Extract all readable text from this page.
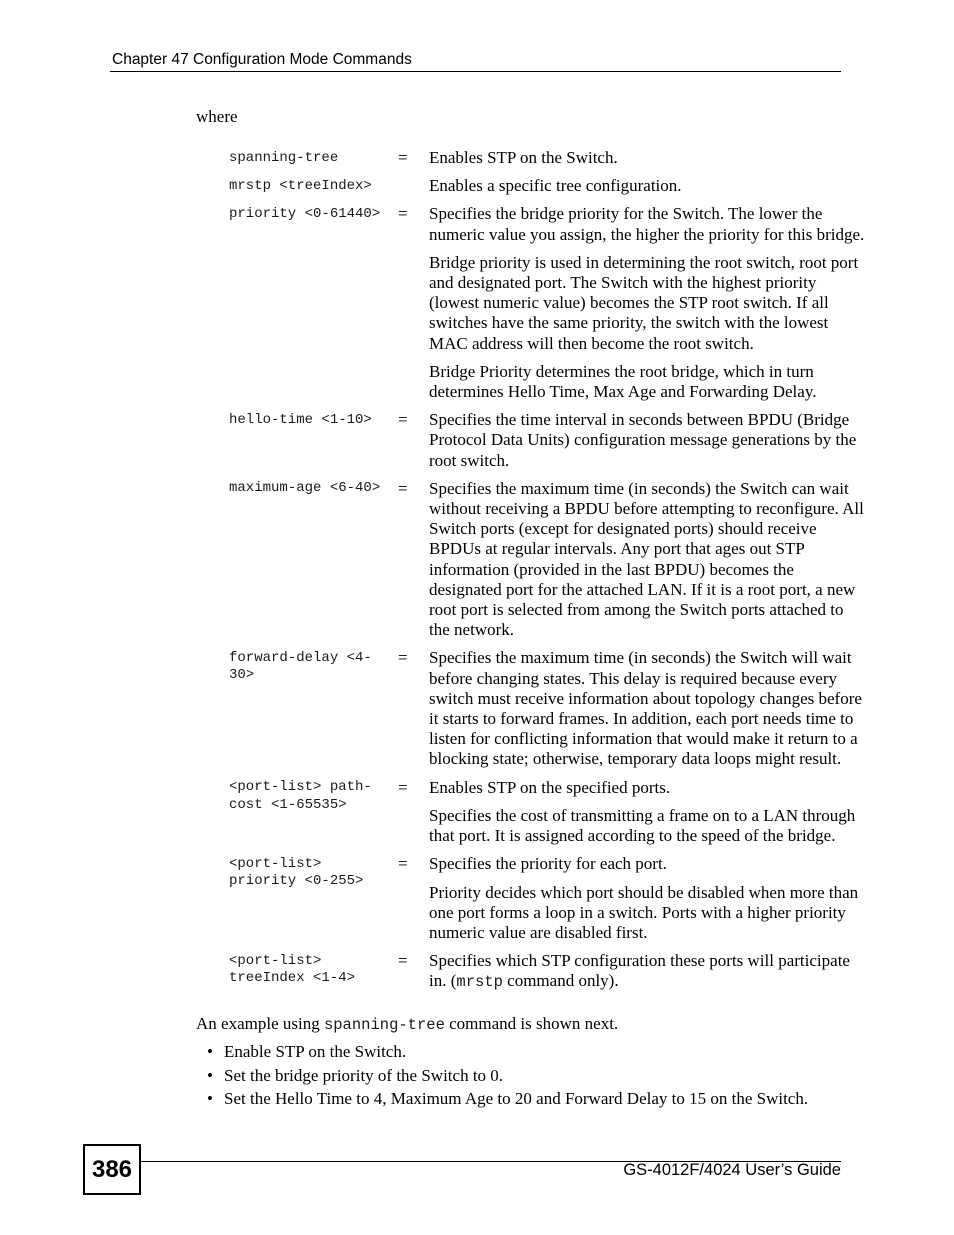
Chapter 47 Configuration Mode Commands
where
spanning-tree	=	Enables STP on the Switch.
mrstp <treeIndex>	Enables a specific tree configuration.
priority <0-61440>	=	Specifies the bridge priority for the Switch. The lower the
numeric value you assign, the higher the priority for this bridge.
Bridge priority is used in determining the root switch, root port
and designated port. The Switch with the highest priority
(lowest numeric value) becomes the STP root switch. If all
switches have the same priority, the switch with the lowest
MAC address will then become the root switch.
Bridge Priority determines the root bridge, which in turn
determines Hello Time, Max Age and Forwarding Delay.
hello-time <1-10>	=	Specifies the time interval in seconds between BPDU (Bridge
Protocol Data Units) configuration message generations by the
root switch.
maximum-age <6-40>	=	Specifies the maximum time (in seconds) the Switch can wait
without receiving a BPDU before attempting to reconfigure. All
Switch ports (except for designated ports) should receive
BPDUs at regular intervals. Any port that ages out STP
information (provided in the last BPDU) becomes the
designated port for the attached LAN. If it is a root port, a new
root port is selected from among the Switch ports attached to
the network.
forward-delay <4-
30>
=	Specifies the maximum time (in seconds) the Switch will wait
before changing states. This delay is required because every
switch must receive information about topology changes before
it starts to forward frames. In addition, each port needs time to
listen for conflicting information that would make it return to a
blocking state; otherwise, temporary data loops might result.
<port-list> path-
cost <1-65535>
=	Enables STP on the specified ports.
Specifies the cost of transmitting a frame on to a LAN through
that port. It is assigned according to the speed of the bridge.
<port-list>
priority <0-255>
=	Specifies the priority for each port.
Priority decides which port should be disabled when more than
one port forms a loop in a switch. Ports with a higher priority
numeric value are disabled first.
<port-list>
treeIndex <1-4>
=	Specifies which STP configuration these ports will participate
in. (mrstp command only).
An example using spanning-tree command is shown next.
• Enable STP on the Switch.
• Set the bridge priority of the Switch to 0.
• Set the Hello Time to 4, Maximum Age to 20 and Forward Delay to 15 on the Switch.
386	GS-4012F/4024 User’s Guide
